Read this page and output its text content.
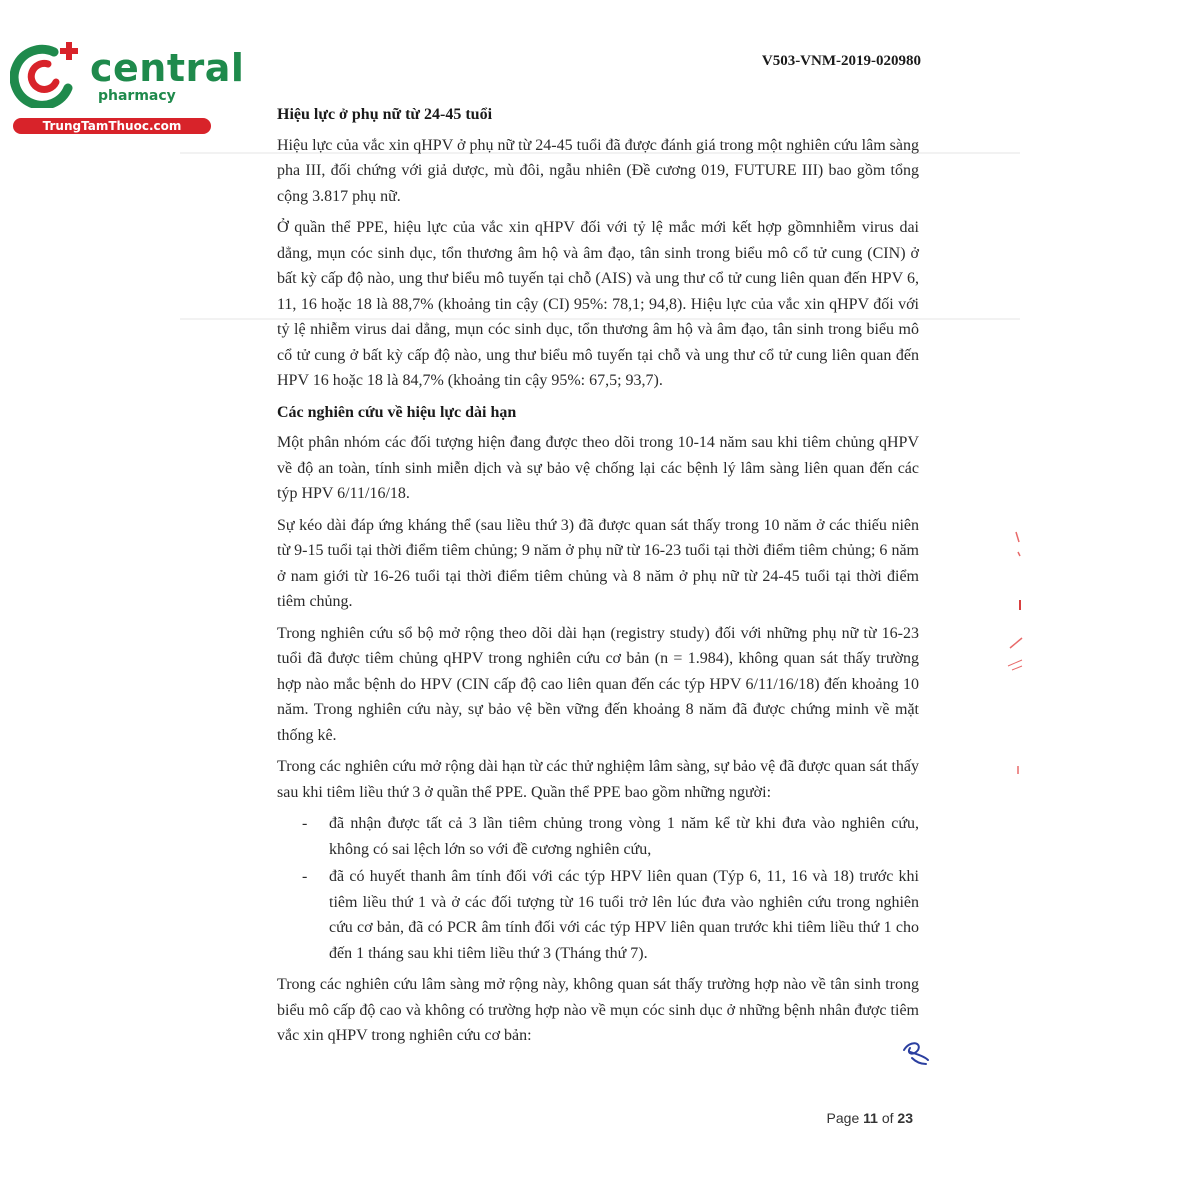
central
pharmacy
TrungTamThuoc.com
V503-VNM-2019-020980
Hiệu lực ở phụ nữ từ 24-45 tuổi

Hiệu lực của vắc xin qHPV ở phụ nữ từ 24-45 tuổi đã được đánh giá trong một nghiên cứu lâm sàng pha III, đối chứng với giả dược, mù đôi, ngẫu nhiên (Đề cương 019, FUTURE III) bao gồm tổng cộng 3.817 phụ nữ.

Ở quần thể PPE, hiệu lực của vắc xin qHPV đối với tỷ lệ mắc mới kết hợp gồmnhiễm virus dai dẳng, mụn cóc sinh dục, tổn thương âm hộ và âm đạo, tân sinh trong biểu mô cổ tử cung (CIN) ở bất kỳ cấp độ nào, ung thư biểu mô tuyến tại chỗ (AIS) và ung thư cổ tử cung liên quan đến HPV 6, 11, 16 hoặc 18 là 88,7% (khoảng tin cậy (CI) 95%: 78,1; 94,8). Hiệu lực của vắc xin qHPV đối với tỷ lệ nhiễm virus dai dẳng, mụn cóc sinh dục, tổn thương âm hộ và âm đạo, tân sinh trong biểu mô cổ tử cung ở bất kỳ cấp độ nào, ung thư biểu mô tuyến tại chỗ và ung thư cổ tử cung liên quan đến HPV 16 hoặc 18 là 84,7% (khoảng tin cậy 95%: 67,5; 93,7).

Các nghiên cứu về hiệu lực dài hạn

Một phân nhóm các đối tượng hiện đang được theo dõi trong 10-14 năm sau khi tiêm chủng qHPV về độ an toàn, tính sinh miễn dịch và sự bảo vệ chống lại các bệnh lý lâm sàng liên quan đến các týp HPV 6/11/16/18.

Sự kéo dài đáp ứng kháng thể (sau liều thứ 3) đã được quan sát thấy trong 10 năm ở các thiếu niên từ 9-15 tuổi tại thời điểm tiêm chủng; 9 năm ở phụ nữ từ 16-23 tuổi tại thời điểm tiêm chủng; 6 năm ở nam giới từ 16-26 tuổi tại thời điểm tiêm chủng và 8 năm ở phụ nữ từ 24-45 tuổi tại thời điểm tiêm chủng.

Trong nghiên cứu sổ bộ mở rộng theo dõi dài hạn (registry study) đối với những phụ nữ từ 16-23 tuổi đã được tiêm chủng qHPV trong nghiên cứu cơ bản (n = 1.984), không quan sát thấy trường hợp nào mắc bệnh do HPV (CIN cấp độ cao liên quan đến các týp HPV 6/11/16/18) đến khoảng 10 năm. Trong nghiên cứu này, sự bảo vệ bền vững đến khoảng 8 năm đã được chứng minh về mặt thống kê.

Trong các nghiên cứu mở rộng dài hạn từ các thử nghiệm lâm sàng, sự bảo vệ đã được quan sát thấy sau khi tiêm liều thứ 3 ở quần thể PPE. Quần thể PPE bao gồm những người:

- đã nhận được tất cả 3 lần tiêm chủng trong vòng 1 năm kể từ khi đưa vào nghiên cứu, không có sai lệch lớn so với đề cương nghiên cứu,
- đã có huyết thanh âm tính đối với các týp HPV liên quan (Týp 6, 11, 16 và 18) trước khi tiêm liều thứ 1 và ở các đối tượng từ 16 tuổi trở lên lúc đưa vào nghiên cứu trong nghiên cứu cơ bản, đã có PCR âm tính đối với các týp HPV liên quan trước khi tiêm liều thứ 1 cho đến 1 tháng sau khi tiêm liều thứ 3 (Tháng thứ 7).

Trong các nghiên cứu lâm sàng mở rộng này, không quan sát thấy trường hợp nào về tân sinh trong biểu mô cấp độ cao và không có trường hợp nào về mụn cóc sinh dục ở những bệnh nhân được tiêm vắc xin qHPV trong nghiên cứu cơ bản:

Page 11 of 23
